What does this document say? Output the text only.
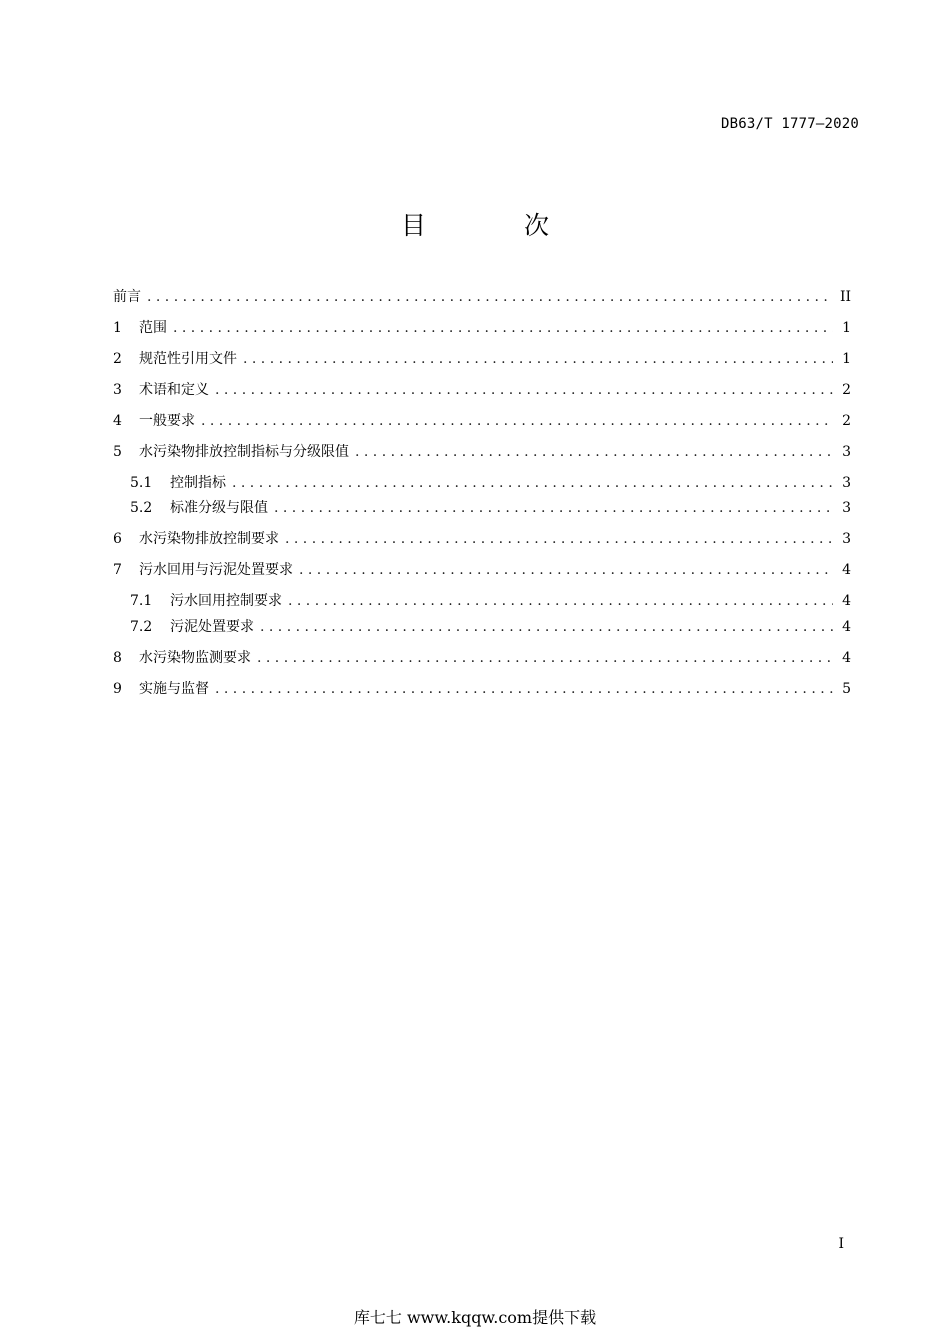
DB63/T 1777—2020
目 次
前言 . . .	II
1	范围 . . .	1
2	规范性引用文件 . . .	1
3	术语和定义 . . .	2
4	一般要求 . . .	2
5	水污染物排放控制指标与分级限值 . . .	3
5.1	控制指标 . . .	3
5.2	标准分级与限值 . . .	3
6	水污染物排放控制要求 . . .	3
7	污水回用与污泥处置要求 . . .	4
7.1	污水回用控制要求 . . .	4
7.2	污泥处置要求 . . .	4
8	水污染物监测要求 . . .	4
9	实施与监督 . . .	5
I
库七七 www.kqqw.com提供下载
